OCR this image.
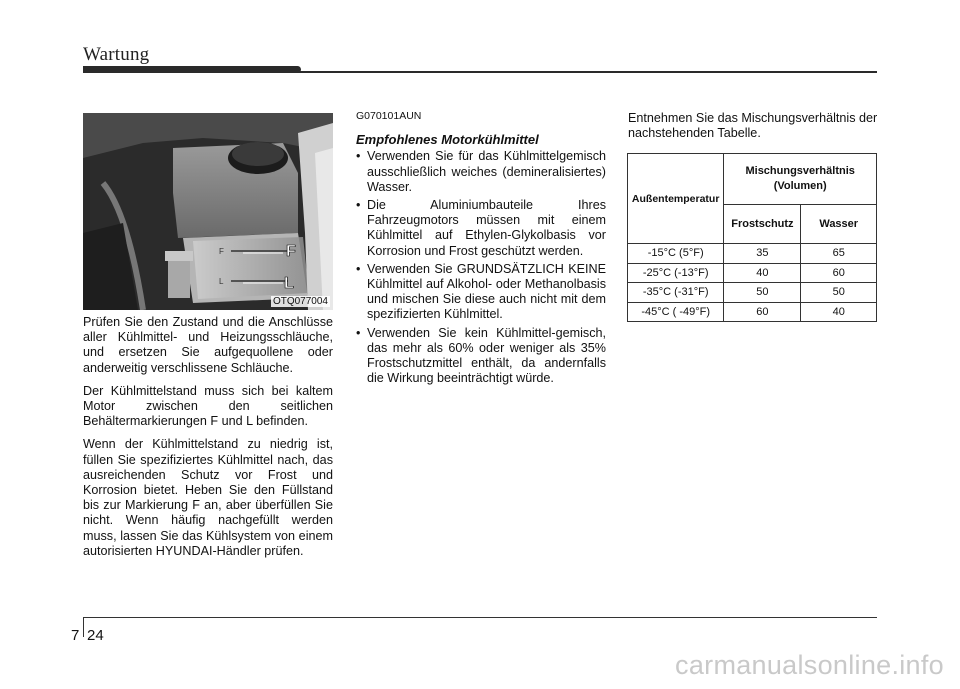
Wartung
F
L
F
L
OTQ077004

Prüfen Sie den Zustand und die Anschlüsse aller Kühlmittel- und Heizungsschläuche, und ersetzen Sie aufgequollene oder anderweitig verschlissene Schläuche.

Der Kühlmittelstand muss sich bei kaltem Motor zwischen den seitlichen Behältermarkierungen F und L befinden.

Wenn der Kühlmittelstand zu niedrig ist, füllen Sie spezifiziertes Kühlmittel nach, das ausreichenden Schutz vor Frost und Korrosion bietet. Heben Sie den Füllstand bis zur Markierung F an, aber überfüllen Sie nicht. Wenn häufig nachgefüllt werden muss, lassen Sie das Kühlsystem von einem autorisierten HYUNDAI-Händler prüfen.

G070101AUN
Empfohlenes Motorkühlmittel
• Verwenden Sie für das Kühlmittelgemisch ausschließlich weiches (demineralisiertes) Wasser.
• Die Aluminiumbauteile Ihres Fahrzeugmotors müssen mit einem Kühlmittel auf Ethylen-Glykolbasis vor Korrosion und Frost geschützt werden.
• Verwenden Sie GRUNDSÄTZLICH KEINE Kühlmittel auf Alkohol- oder Methanolbasis und mischen Sie diese auch nicht mit dem spezifizierten Kühlmittel.
• Verwenden Sie kein Kühlmittel-gemisch, das mehr als 60% oder weniger als 35% Frostschutzmittel enthält, da andernfalls die Wirkung beeinträchtigt würde.

Entnehmen Sie das Mischungsverhältnis der nachstehenden Tabelle.

Außentemperatur	Mischungsverhältnis
(Volumen)	
	Frostschutz	Wasser
-15°C (5°F)	35	65
-25°C (-13°F)	40	60
-35°C (-31°F)	50	50
-45°C ( -49°F)	60	40
7 24
carmanualsonline.info
